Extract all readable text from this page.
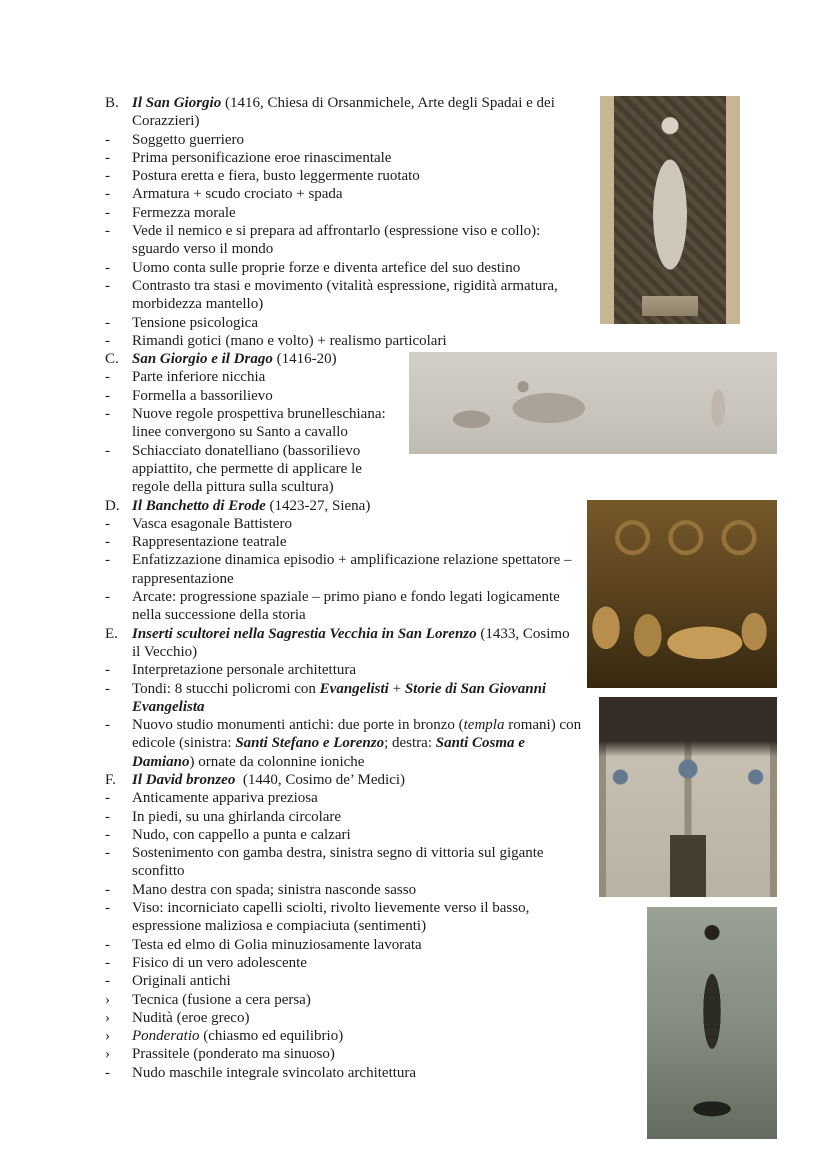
B. Il San Giorgio (1416, Chiesa di Orsanmichele, Arte degli Spadai e dei Corazzieri)
-	Soggetto guerriero
-	Prima personificazione eroe rinascimentale
-	Postura eretta e fiera, busto leggermente ruotato
-	Armatura + scudo crociato + spada
-	Fermezza morale
-	Vede il nemico e si prepara ad affrontarlo (espressione viso e collo): sguardo verso il mondo
-	Uomo conta sulle proprie forze e diventa artefice del suo destino
-	Contrasto tra stasi e movimento (vitalità espressione, rigidità armatura, morbidezza mantello)
-	Tensione psicologica
-	Rimandi gotici (mano e volto) + realismo particolari
C. San Giorgio e il Drago (1416-20)
-	Parte inferiore nicchia
-	Formella a bassorilievo
-	Nuove regole prospettiva brunelleschiana: linee convergono su Santo a cavallo
-	Schiacciato donatelliano (bassorilievo appiattito, che permette di applicare le regole della pittura sulla scultura)
D. Il Banchetto di Erode (1423-27, Siena)
-	Vasca esagonale Battistero
-	Rappresentazione teatrale
-	Enfatizzazione dinamica episodio + amplificazione relazione spettatore – rappresentazione
-	Arcate: progressione spaziale – primo piano e fondo legati logicamente nella successione della storia
E. Inserti scultorei nella Sagrestia Vecchia in San Lorenzo (1433, Cosimo il Vecchio)
-	Interpretazione personale architettura
-	Tondi: 8 stucchi policromi con Evangelisti + Storie di San Giovanni Evangelista
-	Nuovo studio monumenti antichi: due porte in bronzo (templa romani) con edicole (sinistra: Santi Stefano e Lorenzo; destra: Santi Cosma e Damiano) ornate da colonnine ioniche
F.	Il David bronzeo  (1440, Cosimo de’ Medici)
-	Anticamente appariva preziosa
-	In piedi, su una ghirlanda circolare
-	Nudo, con cappello a punta e calzari
-	Sostenimento con gamba destra, sinistra segno di vittoria sul gigante sconfitto
-	Mano destra con spada; sinistra nasconde sasso
-	Viso: incorniciato capelli sciolti, rivolto lievemente verso il basso, espressione maliziosa e compiaciuta (sentimenti)
-	Testa ed elmo di Golia minuziosamente lavorata
-	Fisico di un vero adolescente
-	Originali antichi
›	Tecnica (fusione a cera persa)
›	Nudità (eroe greco)
›	Ponderatio (chiasmo ed equilibrio)
›	Prassitele (ponderato ma sinuoso)
-	Nudo maschile integrale svincolato architettura
